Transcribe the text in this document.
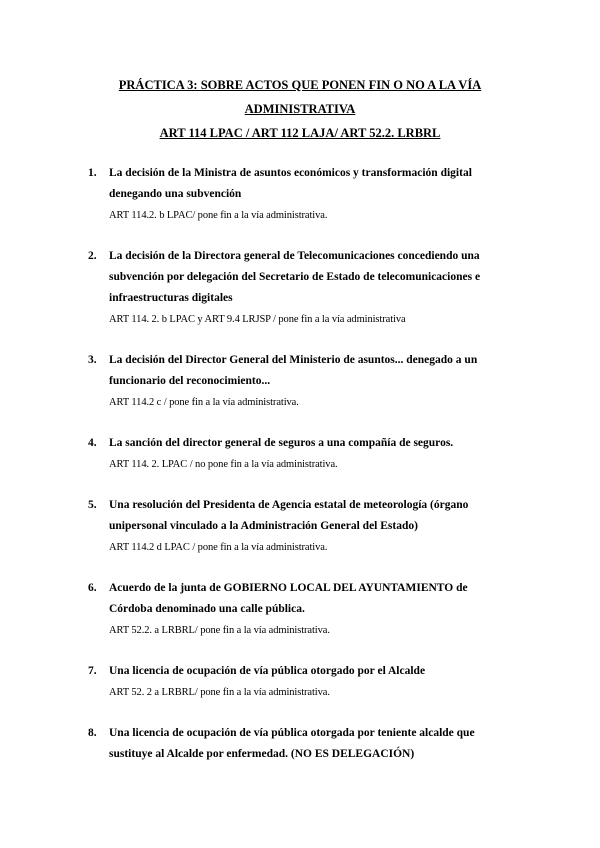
PRÁCTICA 3: SOBRE ACTOS QUE PONEN FIN O NO A LA VÍA
ADMINISTRATIVA
ART 114 LPAC / ART 112 LAJA/ ART 52.2. LRBRL
1. La decisión de la Ministra de asuntos económicos y transformación digital denegando una subvención
ART 114.2. b LPAC/ pone fin a la vía administrativa.
2. La decisión de la Directora general de Telecomunicaciones concediendo una subvención por delegación del Secretario de Estado de telecomunicaciones e infraestructuras digitales
ART 114. 2. b LPAC y ART 9.4 LRJSP / pone fin a la vía administrativa
3. La decisión del Director General del Ministerio de asuntos... denegado a un funcionario del reconocimiento...
ART 114.2 c / pone fin a la vía administrativa.
4. La sanción del director general de seguros a una compañía de seguros.
ART 114. 2. LPAC / no pone fin a la vía administrativa.
5. Una resolución del Presidenta de Agencia estatal de meteorología (órgano unipersonal vinculado a la Administración General del Estado)
ART 114.2 d LPAC / pone fin a la vía administrativa.
6. Acuerdo de la junta de GOBIERNO LOCAL DEL AYUNTAMIENTO de Córdoba denominado una calle pública.
ART 52.2. a LRBRL/ pone fin a la vía administrativa.
7. Una licencia de ocupación de vía pública otorgado por el Alcalde
ART 52. 2 a LRBRL/ pone fin a la vía administrativa.
8. Una licencia de ocupación de vía pública otorgada por teniente alcalde que sustituye al Alcalde por enfermedad. (NO ES DELEGACIÓN)
